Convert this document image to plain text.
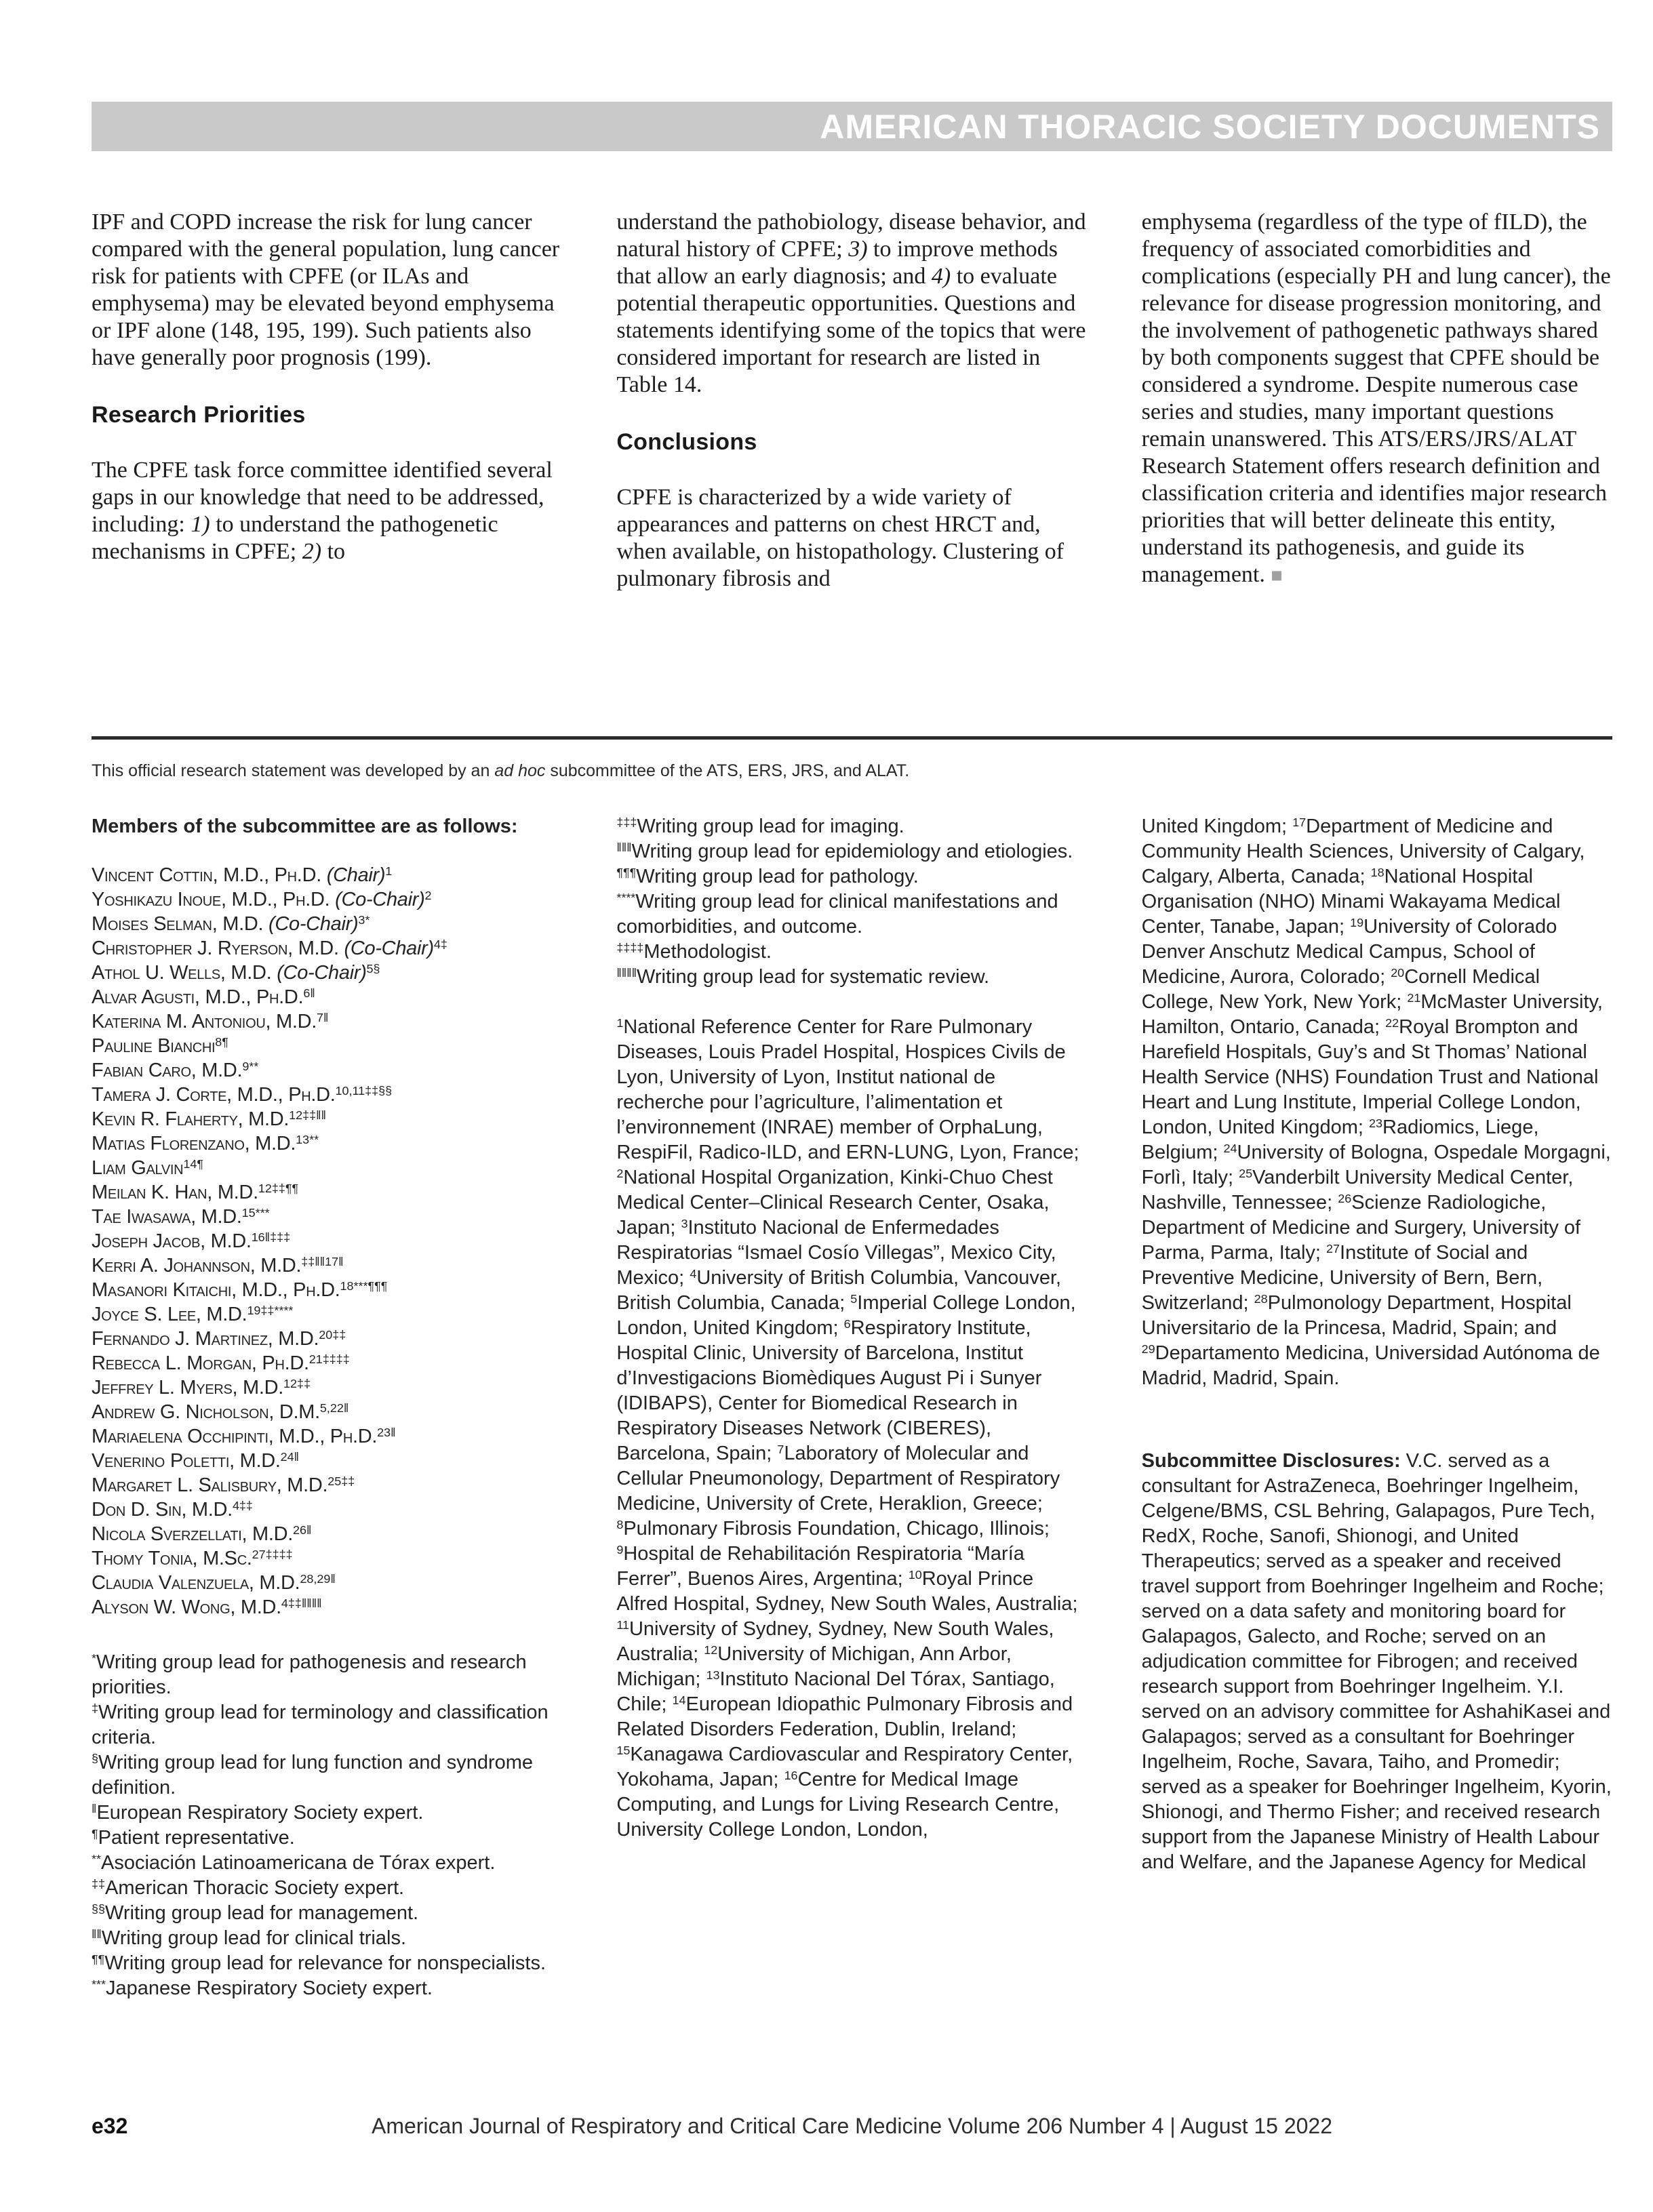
AMERICAN THORACIC SOCIETY DOCUMENTS

IPF and COPD increase the risk for lung cancer compared with the general population, lung cancer risk for patients with CPFE (or ILAs and emphysema) may be elevated beyond emphysema or IPF alone (148, 195, 199). Such patients also have generally poor prognosis (199).

Research Priorities

The CPFE task force committee identified several gaps in our knowledge that need to be addressed, including: 1) to understand the pathogenetic mechanisms in CPFE; 2) to

understand the pathobiology, disease behavior, and natural history of CPFE; 3) to improve methods that allow an early diagnosis; and 4) to evaluate potential therapeutic opportunities. Questions and statements identifying some of the topics that were considered important for research are listed in Table 14.

Conclusions

CPFE is characterized by a wide variety of appearances and patterns on chest HRCT and, when available, on histopathology. Clustering of pulmonary fibrosis and

emphysema (regardless of the type of fILD), the frequency of associated comorbidities and complications (especially PH and lung cancer), the relevance for disease progression monitoring, and the involvement of pathogenetic pathways shared by both components suggest that CPFE should be considered a syndrome. Despite numerous case series and studies, many important questions remain unanswered. This ATS/ERS/JRS/ALAT Research Statement offers research definition and classification criteria and identifies major research priorities that will better delineate this entity, understand its pathogenesis, and guide its management. ■

This official research statement was developed by an ad hoc subcommittee of the ATS, ERS, JRS, and ALAT.
Members of the subcommittee are as follows:
Vincent Cottin, M.D., Ph.D. (Chair)$^1$
Yoshikazu Inoue, M.D., Ph.D. (Co-Chair)$^2$
Moises Selman, M.D. (Co-Chair)$^{3*}$
Christopher J. Ryerson, M.D. (Co-Chair)$^{4\ddagger}$
Athol U. Wells, M.D. (Co-Chair)$^{5\S}$
Alvar Agusti, M.D., Ph.D.$^{6‖}$
Katerina M. Antoniou, M.D.$^{7‖}$
Pauline Bianchi$^{8\P}$
Fabian Caro, M.D.$^{9**}$
Tamera J. Corte, M.D., Ph.D.$^{10,11\ddagger\ddagger\S\S}$
Kevin R. Flaherty, M.D.$^{12\ddagger\ddagger‖‖}$
Matias Florenzano, M.D.$^{13**}$
Liam Galvin$^{14\P}$
Meilan K. Han, M.D.$^{12\ddagger\ddagger\P\P}$
Tae Iwasawa, M.D.$^{15***}$
Joseph Jacob, M.D.$^{16‖\ddagger\ddagger\ddagger}$
Kerri A. Johannson, M.D.$^{\ddagger\ddagger‖‖17‖}$
Masanori Kitaichi, M.D., Ph.D.$^{18***\P\P\P}$
Joyce S. Lee, M.D.$^{19\ddagger\ddagger****}$
Fernando J. Martinez, M.D.$^{20\ddagger\ddagger}$
Rebecca L. Morgan, Ph.D.$^{21\ddagger\ddagger\ddagger\ddagger}$
Jeffrey L. Myers, M.D.$^{12\ddagger\ddagger}$
Andrew G. Nicholson, D.M.$^{5,22‖}$
Mariaelena Occhipinti, M.D., Ph.D.$^{23‖}$
Venerino Poletti, M.D.$^{24‖}$
Margaret L. Salisbury, M.D.$^{25\ddagger\ddagger}$
Don D. Sin, M.D.$^{4\ddagger\ddagger}$
Nicola Sverzellati, M.D.$^{26‖}$
Thomy Tonia, M.Sc.$^{27\ddagger\ddagger\ddagger\ddagger}$
Claudia Valenzuela, M.D.$^{28,29‖}$
Alyson W. Wong, M.D.$^{4\ddagger\ddagger‖‖‖‖}$
*Writing group lead for pathogenesis and research priorities.
‡Writing group lead for terminology and classification criteria.
§Writing group lead for lung function and syndrome definition.
‖European Respiratory Society expert.
¶Patient representative.
**Asociación Latinoamericana de Tórax expert.
‡‡American Thoracic Society expert.
§§Writing group lead for management.
‖‖Writing group lead for clinical trials.
¶¶Writing group lead for relevance for nonspecialists.
***Japanese Respiratory Society expert.
‡‡‡Writing group lead for imaging.
‖‖‖Writing group lead for epidemiology and etiologies.
¶¶¶Writing group lead for pathology.
****Writing group lead for clinical manifestations and comorbidities, and outcome.
‡‡‡‡Methodologist.
‖‖‖‖Writing group lead for systematic review.
$^1$National Reference Center for Rare Pulmonary Diseases, Louis Pradel Hospital, Hospices Civils de Lyon, University of Lyon, Institut national de recherche pour l’agriculture, l’alimentation et l’environnement (INRAE) member of OrphaLung, RespiFil, Radico-ILD, and ERN-LUNG, Lyon, France; $^2$National Hospital Organization, Kinki-Chuo Chest Medical Center–Clinical Research Center, Osaka, Japan; $^3$Instituto Nacional de Enfermedades Respiratorias “Ismael Cosío Villegas”, Mexico City, Mexico; $^4$University of British Columbia, Vancouver, British Columbia, Canada; $^5$Imperial College London, London, United Kingdom; $^6$Respiratory Institute, Hospital Clinic, University of Barcelona, Institut d’Investigacions Biomèdiques August Pi i Sunyer (IDIBAPS), Center for Biomedical Research in Respiratory Diseases Network (CIBERES), Barcelona, Spain; $^7$Laboratory of Molecular and Cellular Pneumonology, Department of Respiratory Medicine, University of Crete, Heraklion, Greece; $^8$Pulmonary Fibrosis Foundation, Chicago, Illinois; $^9$Hospital de Rehabilitación Respiratoria “María Ferrer”, Buenos Aires, Argentina; $^{10}$Royal Prince Alfred Hospital, Sydney, New South Wales, Australia; $^{11}$University of Sydney, Sydney, New South Wales, Australia; $^{12}$University of Michigan, Ann Arbor, Michigan; $^{13}$Instituto Nacional Del Tórax, Santiago, Chile; $^{14}$European Idiopathic Pulmonary Fibrosis and Related Disorders Federation, Dublin, Ireland; $^{15}$Kanagawa Cardiovascular and Respiratory Center, Yokohama, Japan; $^{16}$Centre for Medical Image Computing, and Lungs for Living Research Centre, University College London, London,
United Kingdom; $^{17}$Department of Medicine and Community Health Sciences, University of Calgary, Calgary, Alberta, Canada; $^{18}$National Hospital Organisation (NHO) Minami Wakayama Medical Center, Tanabe, Japan; $^{19}$University of Colorado Denver Anschutz Medical Campus, School of Medicine, Aurora, Colorado; $^{20}$Cornell Medical College, New York, New York; $^{21}$McMaster University, Hamilton, Ontario, Canada; $^{22}$Royal Brompton and Harefield Hospitals, Guy’s and St Thomas’ National Health Service (NHS) Foundation Trust and National Heart and Lung Institute, Imperial College London, London, United Kingdom; $^{23}$Radiomics, Liege, Belgium; $^{24}$University of Bologna, Ospedale Morgagni, Forlì, Italy; $^{25}$Vanderbilt University Medical Center, Nashville, Tennessee; $^{26}$Scienze Radiologiche, Department of Medicine and Surgery, University of Parma, Parma, Italy; $^{27}$Institute of Social and Preventive Medicine, University of Bern, Bern, Switzerland; $^{28}$Pulmonology Department, Hospital Universitario de la Princesa, Madrid, Spain; and $^{29}$Departamento Medicina, Universidad Autónoma de Madrid, Madrid, Spain.
Subcommittee Disclosures: V.C. served as a consultant for AstraZeneca, Boehringer Ingelheim, Celgene/BMS, CSL Behring, Galapagos, Pure Tech, RedX, Roche, Sanofi, Shionogi, and United Therapeutics; served as a speaker and received travel support from Boehringer Ingelheim and Roche; served on a data safety and monitoring board for Galapagos, Galecto, and Roche; served on an adjudication committee for Fibrogen; and received research support from Boehringer Ingelheim. Y.I. served on an advisory committee for AshahiKasei and Galapagos; served as a consultant for Boehringer Ingelheim, Roche, Savara, Taiho, and Promedir; served as a speaker for Boehringer Ingelheim, Kyorin, Shionogi, and Thermo Fisher; and received research support from the Japanese Ministry of Health Labour and Welfare, and the Japanese Agency for Medical
e32	American Journal of Respiratory and Critical Care Medicine Volume 206 Number 4 | August 15 2022
